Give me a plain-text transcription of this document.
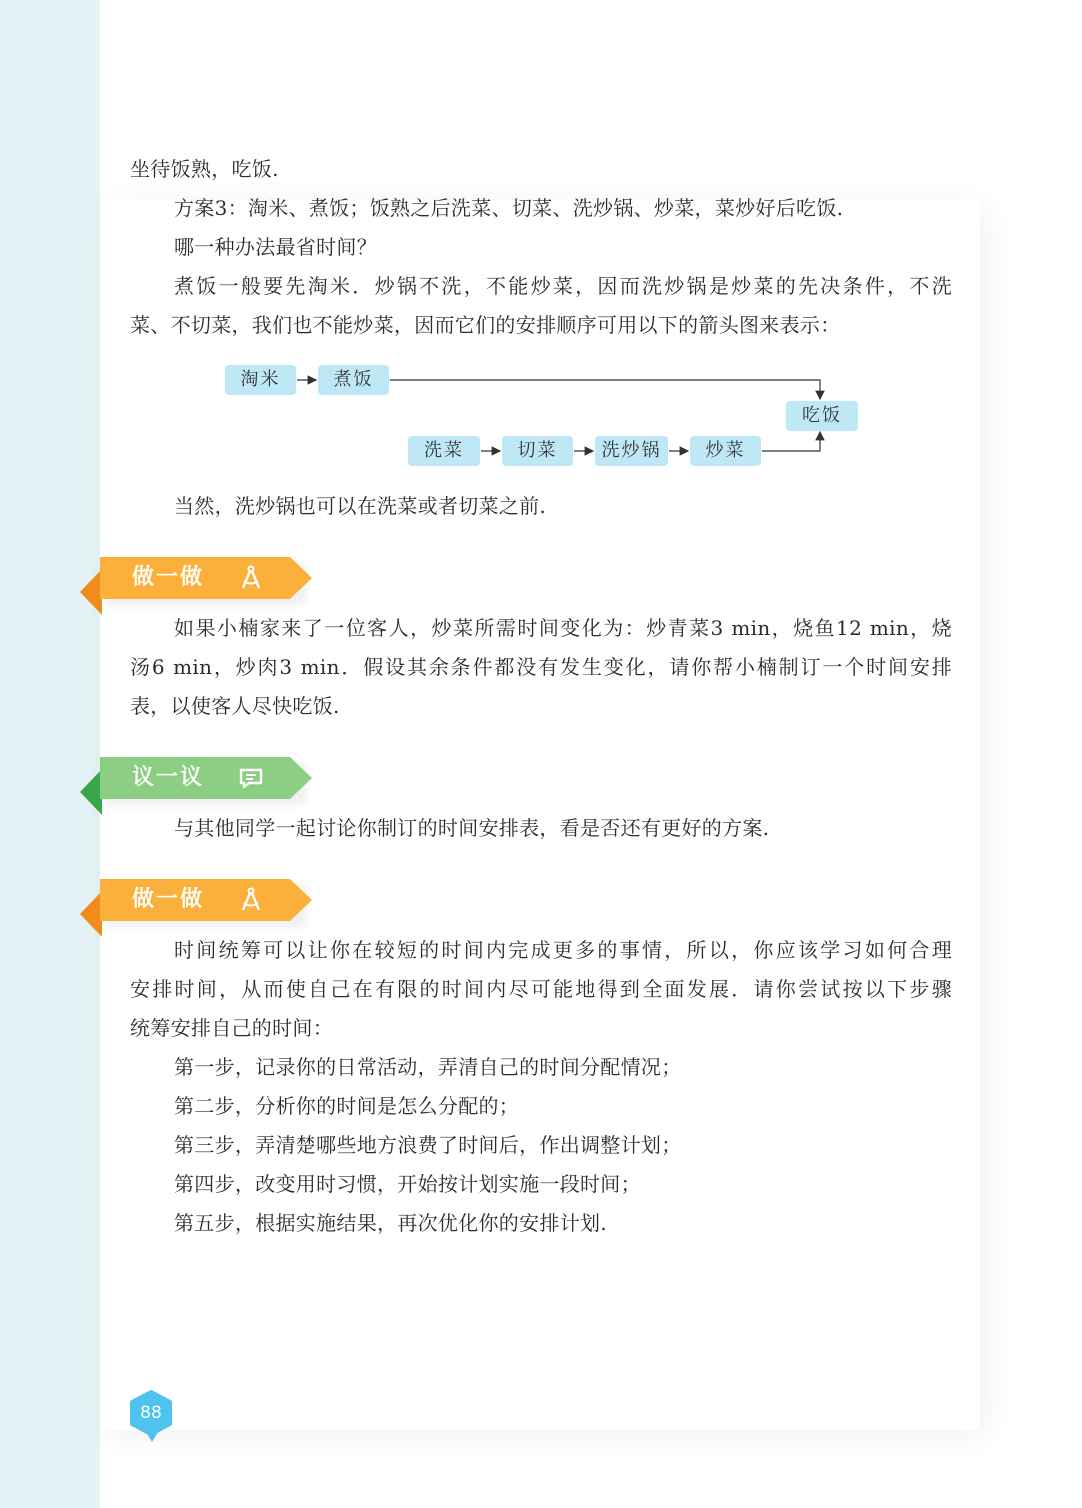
坐待饭熟，吃饭.

方案3：淘米、煮饭；饭熟之后洗菜、切菜、洗炒锅、炒菜，菜炒好后吃饭.

哪一种办法最省时间？

煮饭一般要先淘米．炒锅不洗，不能炒菜，因而洗炒锅是炒菜的先决条件，不洗

菜、不切菜，我们也不能炒菜，因而它们的安排顺序可用以下的箭头图来表示：

淘米	煮饭
吃饭
洗菜	切菜	洗炒锅	炒菜

当然，洗炒锅也可以在洗菜或者切菜之前.

做一做

如果小楠家来了一位客人，炒菜所需时间变化为：炒青菜3 min，烧鱼12 min，烧

汤6 min，炒肉3 min．假设其余条件都没有发生变化，请你帮小楠制订一个时间安排

表，以使客人尽快吃饭.

议一议

与其他同学一起讨论你制订的时间安排表，看是否还有更好的方案.

做一做

时间统筹可以让你在较短的时间内完成更多的事情，所以，你应该学习如何合理

安排时间，从而使自己在有限的时间内尽可能地得到全面发展．请你尝试按以下步骤

统筹安排自己的时间：

第一步，记录你的日常活动，弄清自己的时间分配情况；

第二步，分析你的时间是怎么分配的；

第三步，弄清楚哪些地方浪费了时间后，作出调整计划；

第四步，改变用时习惯，开始按计划实施一段时间；

第五步，根据实施结果，再次优化你的安排计划.

88
